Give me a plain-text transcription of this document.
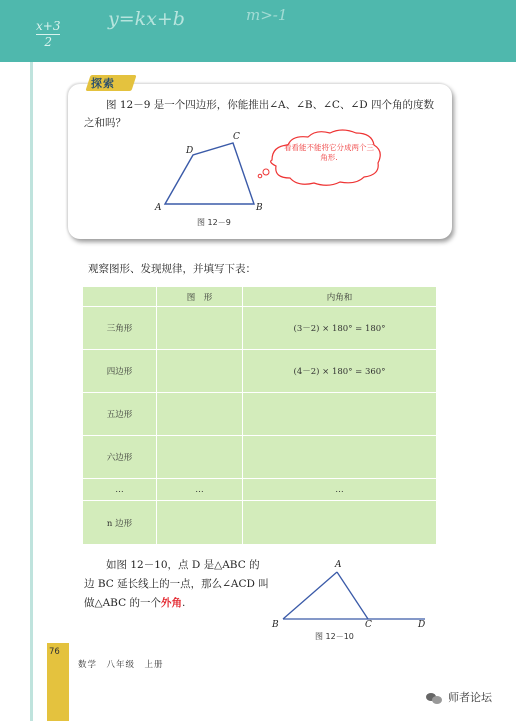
x+3
2
y=kx+b	m>-1
探索
图 12－9 是一个四边形，你能推出∠A、∠B、∠C、∠D 四个角的度数之和吗？
看看能不能将它分成两个三角形.
D
C
A	B
图 12－9
观察图形、发现规律，并填写下表：
	图　形	内角和
三角形		(3－2) × 180° = 180°
四边形		(4－2) × 180° = 360°
五边形		
六边形		
…	…	…
n 边形		
如图 12－10，点 D 是△ABC 的边 BC 延长线上的一点，那么∠ACD 叫做△ABC 的一个外角.
A
B	C	D
图 12－10
76
数学　八年级　上册
师者论坛
